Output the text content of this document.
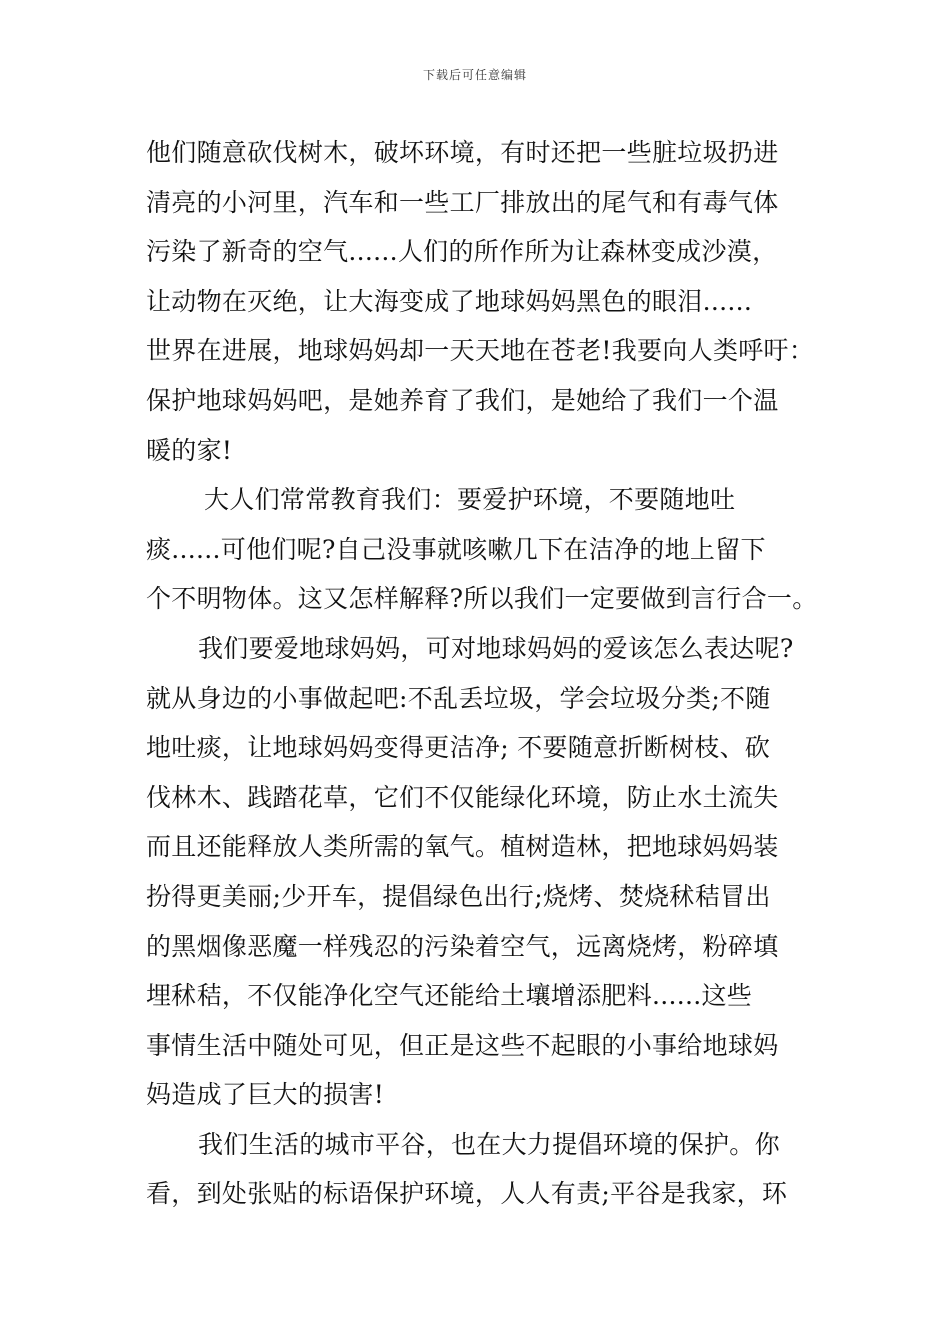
下载后可任意编辑
他们随意砍伐树木，破坏环境，有时还把一些脏垃圾扔进
清亮的小河里，汽车和一些工厂排放出的尾气和有毒气体
污染了新奇的空气......人们的所作所为让森林变成沙漠，
让动物在灭绝，让大海变成了地球妈妈黑色的眼泪......
世界在进展，地球妈妈却一天天地在苍老!我要向人类呼吁：
保护地球妈妈吧，是她养育了我们，是她给了我们一个温
暖的家!
大人们常常教育我们：要爱护环境，不要随地吐
痰......可他们呢?自己没事就咳嗽几下在洁净的地上留下
个不明物体。这又怎样解释?所以我们一定要做到言行合一。
我们要爱地球妈妈，可对地球妈妈的爱该怎么表达呢?
就从身边的小事做起吧:不乱丢垃圾，学会垃圾分类;不随
地吐痰，让地球妈妈变得更洁净; 不要随意折断树枝、砍
伐林木、践踏花草，它们不仅能绿化环境，防止水土流失
而且还能释放人类所需的氧气。植树造林，把地球妈妈装
扮得更美丽;少开车，提倡绿色出行;烧烤、焚烧秫秸冒出
的黑烟像恶魔一样残忍的污染着空气，远离烧烤，粉碎填
埋秫秸，不仅能净化空气还能给土壤增添肥料......这些
事情生活中随处可见，但正是这些不起眼的小事给地球妈
妈造成了巨大的损害!
我们生活的城市平谷，也在大力提倡环境的保护。你
看，到处张贴的标语保护环境，人人有责;平谷是我家，环
